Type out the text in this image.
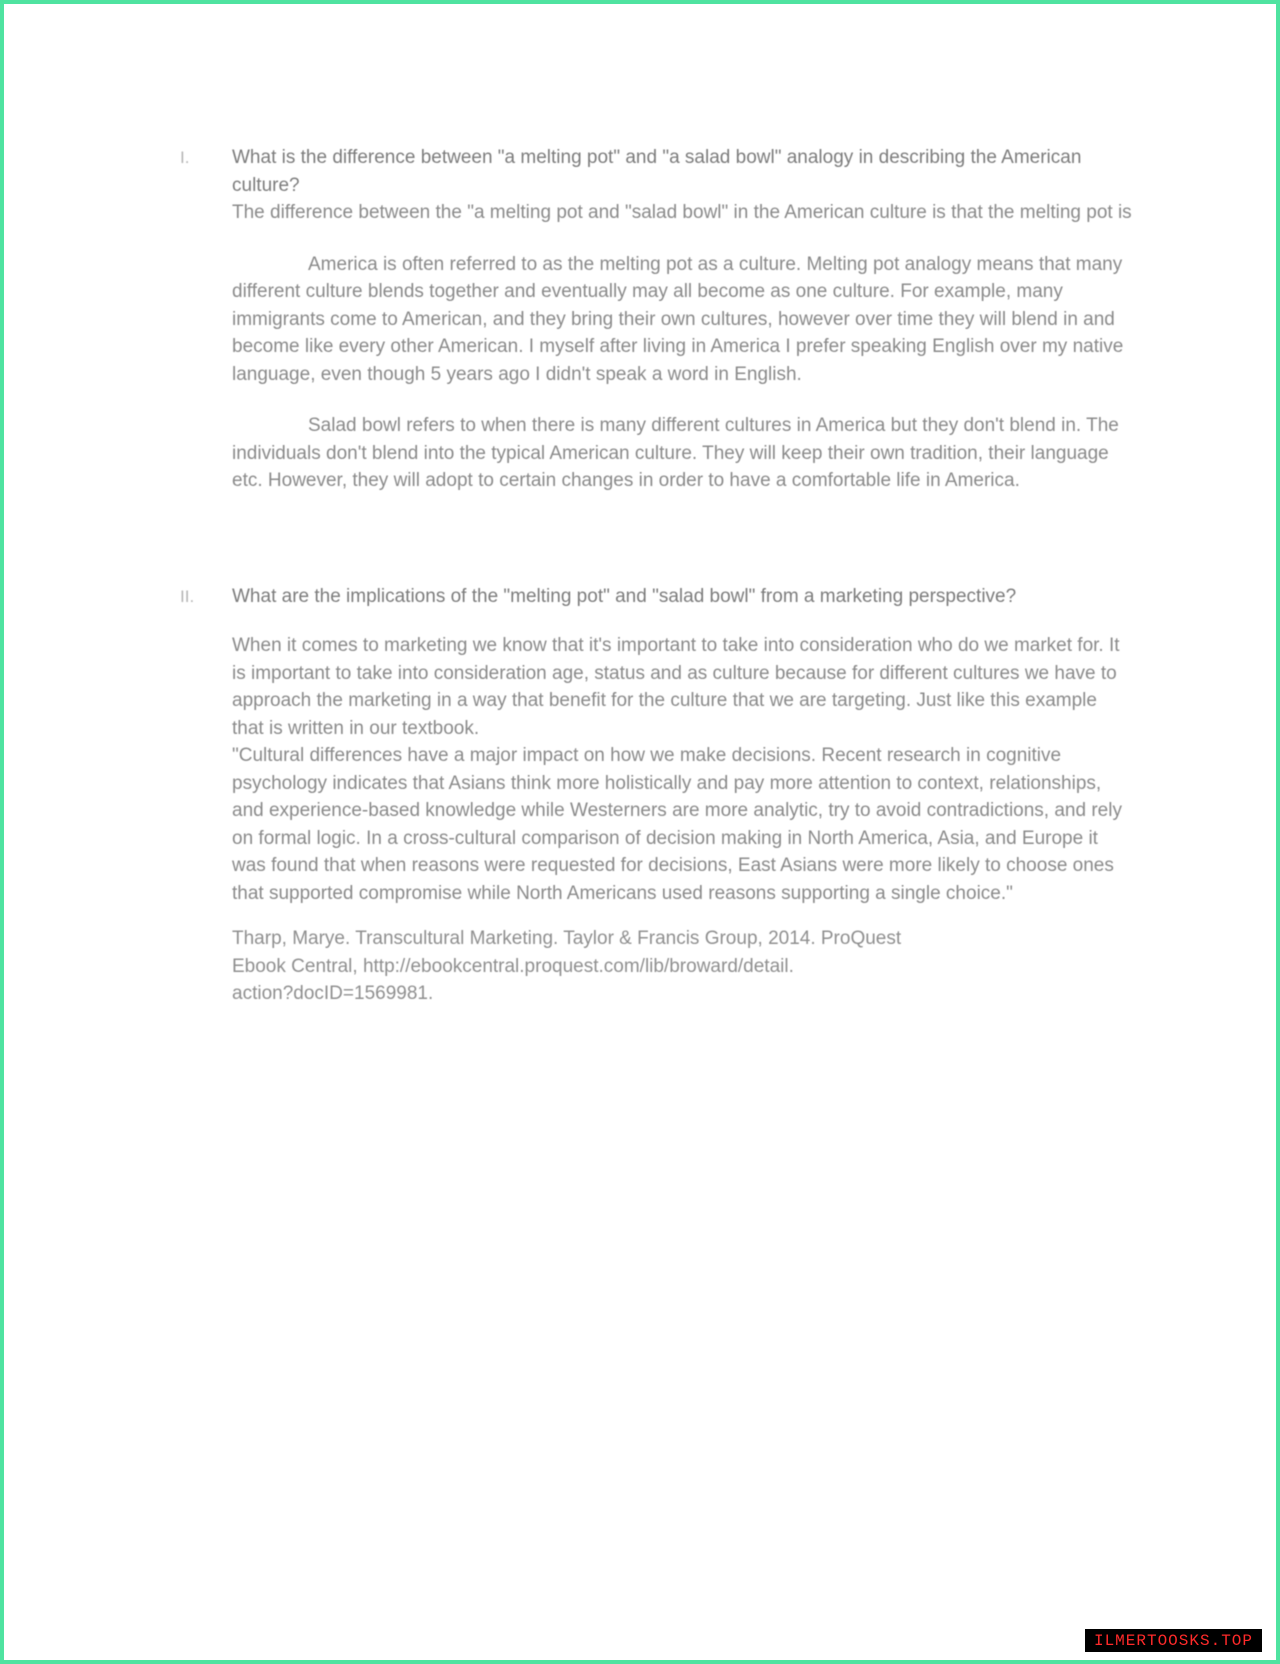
I. What is the difference between "a melting pot" and "a salad bowl" analogy in describing the American culture?
The difference between the "a melting pot and "salad bowl" in the American culture is that the melting pot is

America is often referred to as the melting pot as a culture. Melting pot analogy means that many different culture blends together and eventually may all become as one culture. For example, many immigrants come to American, and they bring their own cultures, however over time they will blend in and become like every other American. I myself after living in America I prefer speaking English over my native language, even though 5 years ago I didn't speak a word in English.

Salad bowl refers to when there is many different cultures in America but they don't blend in. The individuals don't blend into the typical American culture. They will keep their own tradition, their language etc. However, they will adopt to certain changes in order to have a comfortable life in America.

II. What are the implications of the "melting pot" and "salad bowl" from a marketing perspective?

When it comes to marketing we know that it's important to take into consideration who do we market for. It is important to take into consideration age, status and as culture because for different cultures we have to approach the marketing in a way that benefit for the culture that we are targeting. Just like this example that is written in our textbook.

"Cultural differences have a major impact on how we make decisions. Recent research in cognitive psychology indicates that Asians think more holistically and pay more attention to context, relationships, and experience-based knowledge while Westerners are more analytic, try to avoid contradictions, and rely on formal logic. In a cross-cultural comparison of decision making in North America, Asia, and Europe it was found that when reasons were requested for decisions, East Asians were more likely to choose ones that supported compromise while North Americans used reasons supporting a single choice."

Tharp, Marye. Transcultural Marketing. Taylor & Francis Group, 2014. ProQuest
Ebook Central, http://ebookcentral.proquest.com/lib/broward/detail.
action?docID=1569981.
ILMERTOOSKS.TOP
